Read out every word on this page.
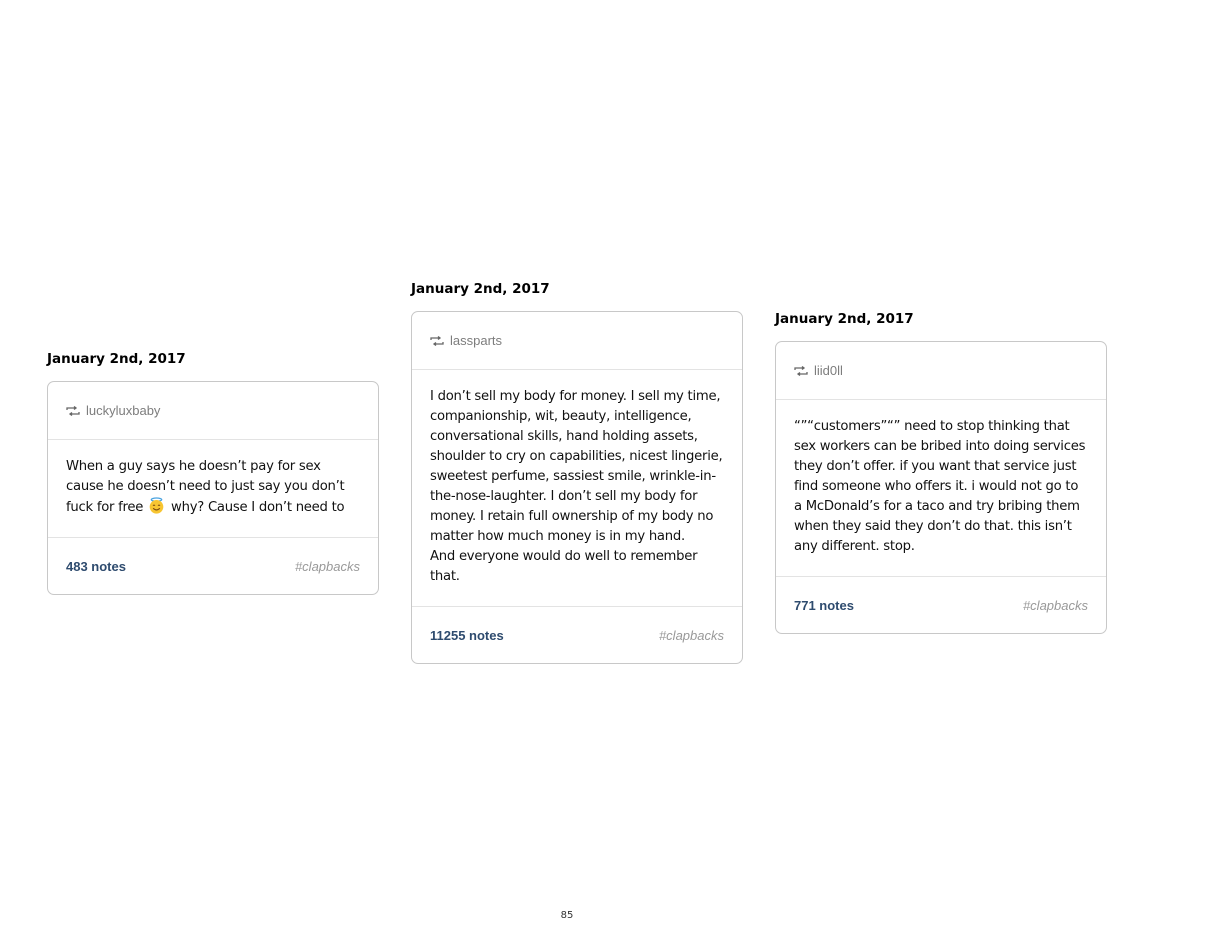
January 2nd, 2017
luckyluxbaby

When a guy says he doesn’t pay for sex cause he doesn’t need to just say you don’t fuck for free
why? Cause I don’t need to

483 notes	#clapbacks
January 2nd, 2017
lassparts

I don’t sell my body for money. I sell my time, companionship, wit, beauty, intelligence, conversational skills, hand holding assets, shoulder to cry on capabilities, nicest lingerie, sweetest perfume, sassiest smile, wrinkle-in-the-nose-laughter. I don’t sell my body for money. I retain full ownership of my body no matter how much money is in my hand.

And everyone would do well to remember that.

11255 notes	#clapbacks
January 2nd, 2017
liid0ll

“”“customers”“” need to stop thinking that sex workers can be bribed into doing services they don’t offer. if you want that service just find someone who offers it. i would not go to a McDonald’s for a taco and try bribing them when they said they don’t do that. this isn’t any different. stop.

771 notes	#clapbacks
85
